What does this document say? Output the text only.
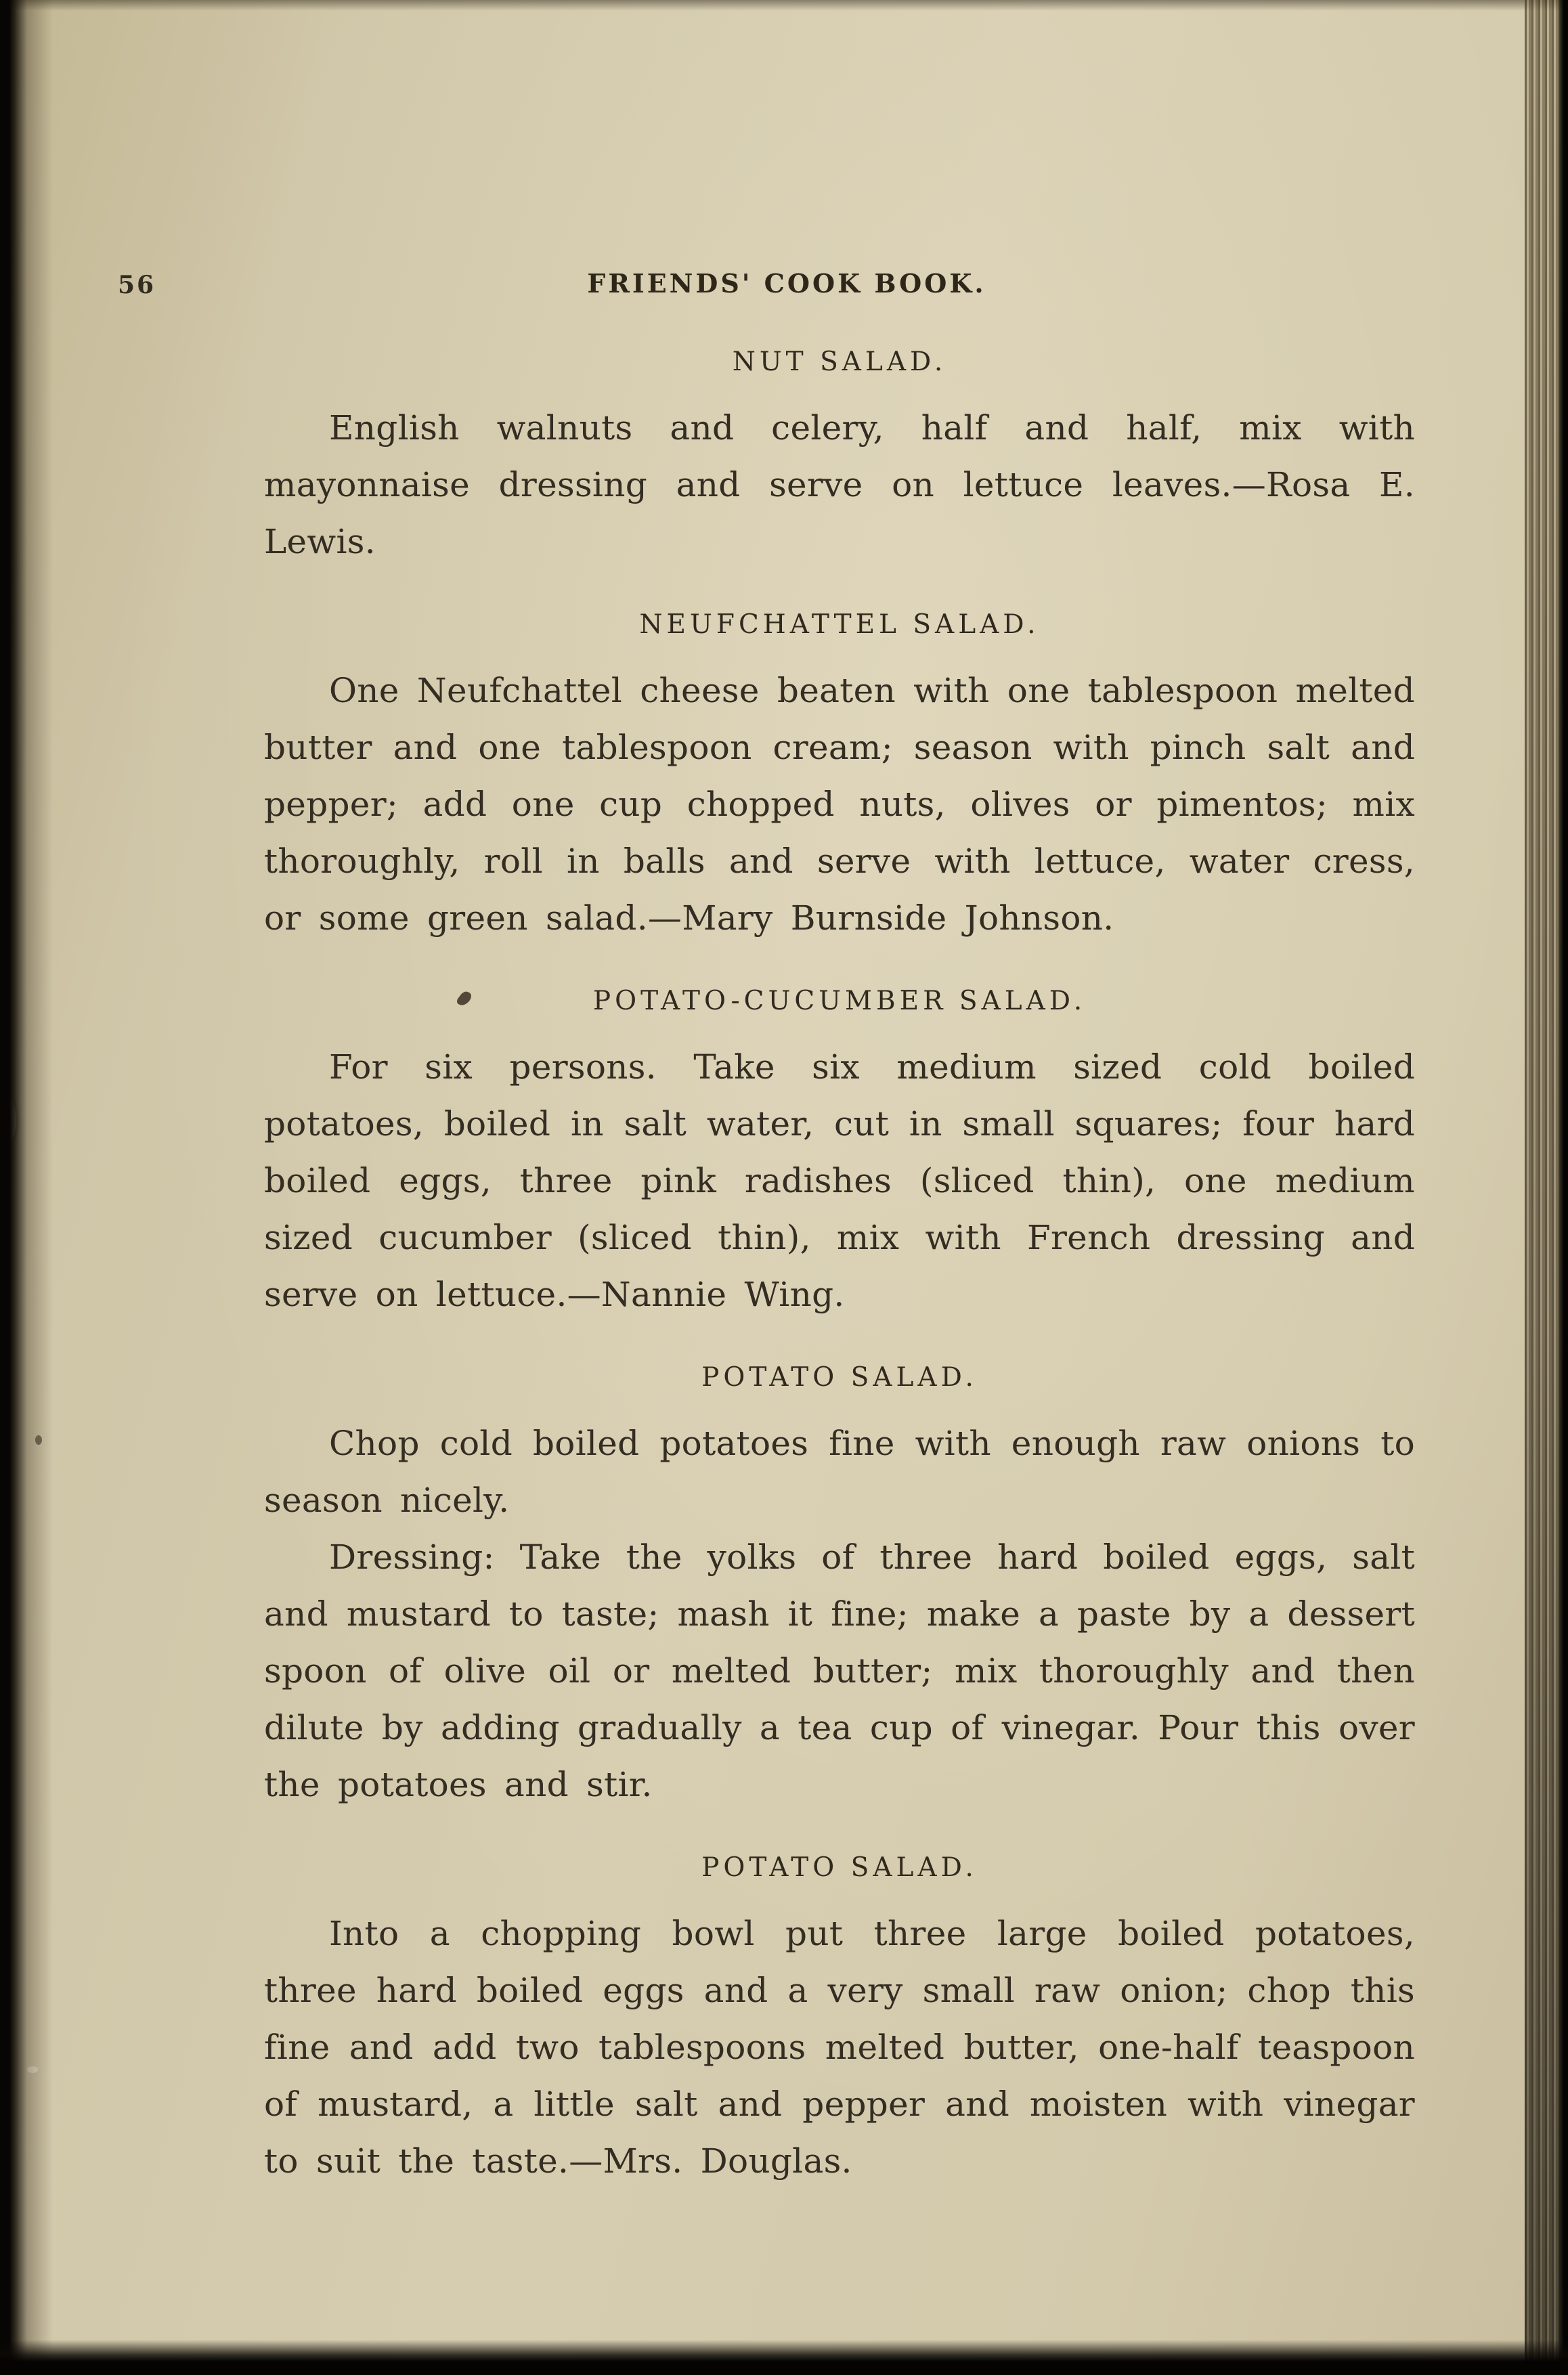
56	FRIENDS' COOK BOOK.
NUT SALAD.

English walnuts and celery, half and half, mix with mayonnaise dressing and serve on lettuce leaves.—Rosa E. Lewis.

NEUFCHATTEL SALAD.

One Neufchattel cheese beaten with one tablespoon melted butter and one tablespoon cream; season with pinch salt and pepper; add one cup chopped nuts, olives or pimentos; mix thoroughly, roll in balls and serve with lettuce, water cress, or some green salad.—Mary Burnside Johnson.

POTATO-CUCUMBER SALAD.

For six persons. Take six medium sized cold boiled potatoes, boiled in salt water, cut in small squares; four hard boiled eggs, three pink radishes (sliced thin), one medium sized cucumber (sliced thin), mix with French dressing and serve on lettuce.—Nannie Wing.

POTATO SALAD.

Chop cold boiled potatoes fine with enough raw onions to season nicely.

Dressing: Take the yolks of three hard boiled eggs, salt and mustard to taste; mash it fine; make a paste by a dessert spoon of olive oil or melted butter; mix thoroughly and then dilute by adding gradually a tea cup of vinegar. Pour this over the potatoes and stir.

POTATO SALAD.

Into a chopping bowl put three large boiled potatoes, three hard boiled eggs and a very small raw onion; chop this fine and add two tablespoons melted butter, one-half teaspoon of mustard, a little salt and pepper and moisten with vinegar to suit the taste.—Mrs. Douglas.
